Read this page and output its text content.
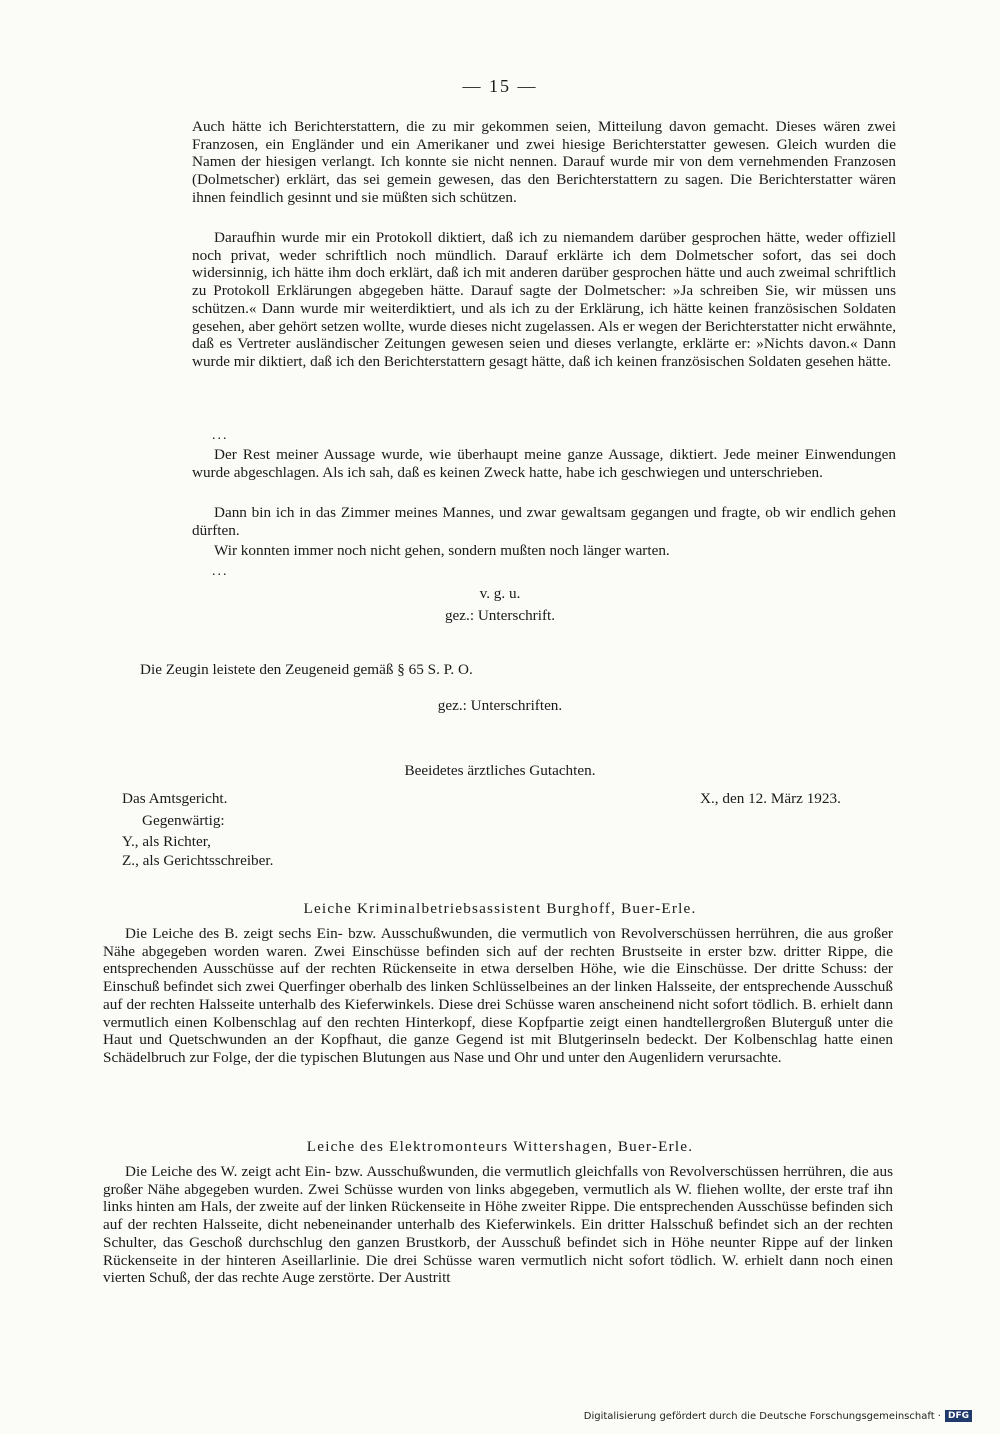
— 15 —

Auch hätte ich Berichterstattern, die zu mir gekommen seien, Mitteilung davon gemacht. Dieses wären zwei Franzosen, ein Engländer und ein Amerikaner und zwei hiesige Berichterstatter gewesen. Gleich wurden die Namen der hiesigen verlangt. Ich konnte sie nicht nennen. Darauf wurde mir von dem vernehmenden Franzosen (Dolmetscher) erklärt, das sei gemein gewesen, das den Berichterstattern zu sagen. Die Berichterstatter wären ihnen feindlich gesinnt und sie müßten sich schützen.

Daraufhin wurde mir ein Protokoll diktiert, daß ich zu niemandem darüber gesprochen hätte, weder offiziell noch privat, weder schriftlich noch mündlich. Darauf erklärte ich dem Dolmetscher sofort, das sei doch widersinnig, ich hätte ihm doch erklärt, daß ich mit anderen darüber gesprochen hätte und auch zweimal schriftlich zu Protokoll Erklärungen abgegeben hätte. Darauf sagte der Dolmetscher: »Ja schreiben Sie, wir müssen uns schützen.« Dann wurde mir weiterdiktiert, und als ich zu der Erklärung, ich hätte keinen französischen Soldaten gesehen, aber gehört setzen wollte, wurde dieses nicht zugelassen. Als er wegen der Berichterstatter nicht erwähnte, daß es Vertreter ausländischer Zeitungen gewesen seien und dieses verlangte, erklärte er: »Nichts davon.« Dann wurde mir diktiert, daß ich den Berichterstattern gesagt hätte, daß ich keinen französischen Soldaten gesehen hätte.

...

Der Rest meiner Aussage wurde, wie überhaupt meine ganze Aussage, diktiert. Jede meiner Einwendungen wurde abgeschlagen. Als ich sah, daß es keinen Zweck hatte, habe ich geschwiegen und unterschrieben.

Dann bin ich in das Zimmer meines Mannes, und zwar gewaltsam gegangen und fragte, ob wir endlich gehen dürften.

Wir konnten immer noch nicht gehen, sondern mußten noch länger warten.

...
v. g. u.
gez.: Unterschrift.
Die Zeugin leistete den Zeugeneid gemäß § 65 S. P. O.
gez.: Unterschriften.
Beeidetes ärztliches Gutachten.
Das Amtsgericht.	X., den 12. März 1923.
Gegenwärtig:
Y., als Richter,
Z., als Gerichtsschreiber.
Leiche Kriminalbetriebsassistent Burghoff, Buer-Erle.

Die Leiche des B. zeigt sechs Ein- bzw. Ausschußwunden, die vermutlich von Revolverschüssen herrühren, die aus großer Nähe abgegeben worden waren. Zwei Einschüsse befinden sich auf der rechten Brustseite in erster bzw. dritter Rippe, die entsprechenden Ausschüsse auf der rechten Rückenseite in etwa derselben Höhe, wie die Einschüsse. Der dritte Schuss: der Einschuß befindet sich zwei Querfinger oberhalb des linken Schlüsselbeines an der linken Halsseite, der entsprechende Ausschuß auf der rechten Halsseite unterhalb des Kieferwinkels. Diese drei Schüsse waren anscheinend nicht sofort tödlich. B. erhielt dann vermutlich einen Kolbenschlag auf den rechten Hinterkopf, diese Kopfpartie zeigt einen handtellergroßen Bluterguß unter die Haut und Quetschwunden an der Kopfhaut, die ganze Gegend ist mit Blutgerinseln bedeckt. Der Kolbenschlag hatte einen Schädelbruch zur Folge, der die typischen Blutungen aus Nase und Ohr und unter den Augenlidern verursachte.

Leiche des Elektromonteurs Wittershagen, Buer-Erle.

Die Leiche des W. zeigt acht Ein- bzw. Ausschußwunden, die vermutlich gleichfalls von Revolverschüssen herrühren, die aus großer Nähe abgegeben wurden. Zwei Schüsse wurden von links abgegeben, vermutlich als W. fliehen wollte, der erste traf ihn links hinten am Hals, der zweite auf der linken Rückenseite in Höhe zweiter Rippe. Die entsprechenden Ausschüsse befinden sich auf der rechten Halsseite, dicht nebeneinander unterhalb des Kieferwinkels. Ein dritter Halsschuß befindet sich an der rechten Schulter, das Geschoß durchschlug den ganzen Brustkorb, der Ausschuß befindet sich in Höhe neunter Rippe auf der linken Rückenseite in der hinteren Aseillarlinie. Die drei Schüsse waren vermutlich nicht sofort tödlich. W. erhielt dann noch einen vierten Schuß, der das rechte Auge zerstörte. Der Austritt

Digitalisierung gefördert durch die Deutsche Forschungsgemeinschaft · DFG
